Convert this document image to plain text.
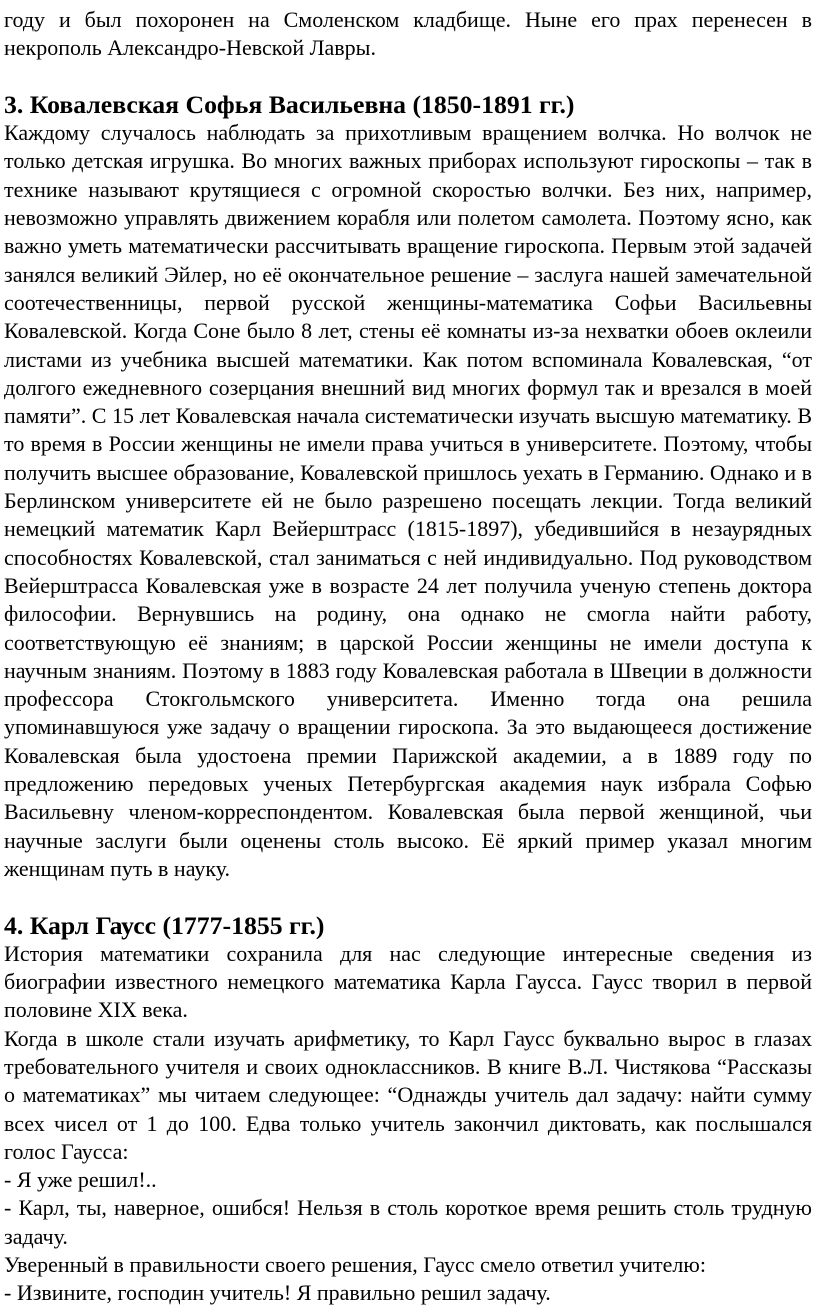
году и был похоронен на Смоленском кладбище. Ныне его прах перенесен в некрополь Александро-Невской Лавры.

3. Ковалевская Софья Васильевна (1850-1891 гг.)

Каждому случалось наблюдать за прихотливым вращением волчка. Но волчок не только детская игрушка. Во многих важных приборах используют гироскопы – так в технике называют крутящиеся с огромной скоростью волчки. Без них, например, невозможно управлять движением корабля или полетом самолета. Поэтому ясно, как важно уметь математически рассчитывать вращение гироскопа. Первым этой задачей занялся великий Эйлер, но её окончательное решение – заслуга нашей замечательной соотечественницы, первой русской женщины-математика Софьи Васильевны Ковалевской. Когда Соне было 8 лет, стены её комнаты из-за нехватки обоев оклеили листами из учебника высшей математики. Как потом вспоминала Ковалевская, “от долгого ежедневного созерцания внешний вид многих формул так и врезался в моей памяти”. С 15 лет Ковалевская начала систематически изучать высшую математику. В то время в России женщины не имели права учиться в университете. Поэтому, чтобы получить высшее образование, Ковалевской пришлось уехать в Германию. Однако и в Берлинском университете ей не было разрешено посещать лекции. Тогда великий немецкий математик Карл Вейерштрасс (1815-1897), убедившийся в незаурядных способностях Ковалевской, стал заниматься с ней индивидуально. Под руководством Вейерштрасса Ковалевская уже в возрасте 24 лет получила ученую степень доктора философии. Вернувшись на родину, она однако не смогла найти работу, соответствующую её знаниям; в царской России женщины не имели доступа к научным знаниям. Поэтому в 1883 году Ковалевская работала в Швеции в должности профессора Стокгольмского университета. Именно тогда она решила упоминавшуюся уже задачу о вращении гироскопа. За это выдающееся достижение Ковалевская была удостоена премии Парижской академии, а в 1889 году по предложению передовых ученых Петербургская академия наук избрала Софью Васильевну членом-корреспондентом. Ковалевская была первой женщиной, чьи научные заслуги были оценены столь высоко. Её яркий пример указал многим женщинам путь в науку.

4. Карл Гаусс (1777-1855 гг.)

История математики сохранила для нас следующие интересные сведения из биографии известного немецкого математика Карла Гаусса. Гаусс творил в первой половине XIX века.

Когда в школе стали изучать арифметику, то Карл Гаусс буквально вырос в глазах требовательного учителя и своих одноклассников. В книге В.Л. Чистякова “Рассказы о математиках” мы читаем следующее: “Однажды учитель дал задачу: найти сумму всех чисел от 1 до 100. Едва только учитель закончил диктовать, как послышался голос Гаусса:

- Я уже решил!..

- Карл, ты, наверное, ошибся! Нельзя в столь короткое время решить столь трудную задачу.

Уверенный в правильности своего решения, Гаусс смело ответил учителю:

- Извините, господин учитель! Я правильно решил задачу.
